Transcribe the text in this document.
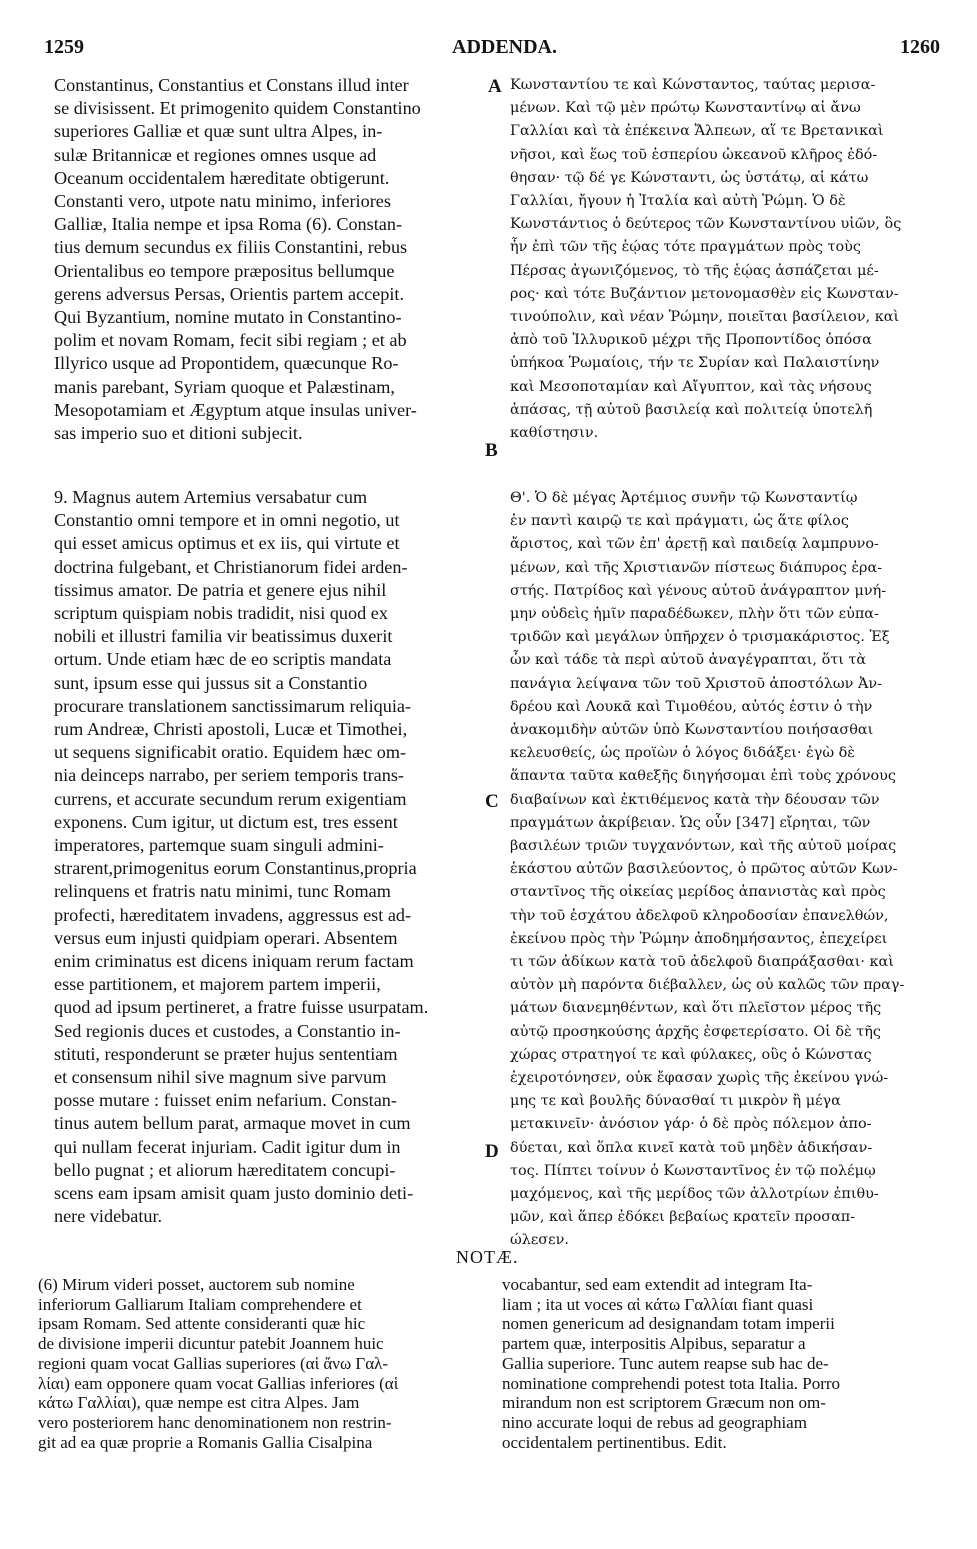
1259	ADDENDA.	1260
A
B
C
D
Constantinus, Constantius et Constans illud inter
se divisissent. Et primogenito quidem Constantino
superiores Galliæ et quæ sunt ultra Alpes, in-
sulæ Britannicæ et regiones omnes usque ad
Oceanum occidentalem hæreditate obtigerunt.
Constanti vero, utpote natu minimo, inferiores
Galliæ, Italia nempe et ipsa Roma (6). Constan-
tius demum secundus ex filiis Constantini, rebus
Orientalibus eo tempore præpositus bellumque
gerens adversus Persas, Orientis partem accepit.
Qui Byzantium, nomine mutato in Constantino-
polim et novam Romam, fecit sibi regiam ; et ab
Illyrico usque ad Propontidem, quæcunque Ro-
manis parebant, Syriam quoque et Palæstinam,
Mesopotamiam et Ægyptum atque insulas univer-
sas imperio suo et ditioni subjecit.
9. Magnus autem Artemius versabatur cum
Constantio omni tempore et in omni negotio, ut
qui esset amicus optimus et ex iis, qui virtute et
doctrina fulgebant, et Christianorum fidei arden-
tissimus amator. De patria et genere ejus nihil
scriptum quispiam nobis tradidit, nisi quod ex
nobili et illustri familia vir beatissimus duxerit
ortum. Unde etiam hæc de eo scriptis mandata
sunt, ipsum esse qui jussus sit a Constantio
procurare translationem sanctissimarum reliquia-
rum Andreæ, Christi apostoli, Lucæ et Timothei,
ut sequens significabit oratio. Equidem hæc om-
nia deinceps narrabo, per seriem temporis trans-
currens, et accurate secundum rerum exigentiam
exponens. Cum igitur, ut dictum est, tres essent
imperatores, partemque suam singuli admini-
strarent,primogenitus eorum Constantinus,propria
relinquens et fratris natu minimi, tunc Romam
profecti, hæreditatem invadens, aggressus est ad-
versus eum injusti quidpiam operari. Absentem
enim criminatus est dicens iniquam rerum factam
esse partitionem, et majorem partem imperii,
quod ad ipsum pertineret, a fratre fuisse usurpatam.
Sed regionis duces et custodes, a Constantio in-
stituti, responderunt se præter hujus sententiam
et consensum nihil sive magnum sive parvum
posse mutare : fuisset enim nefarium. Constan-
tinus autem bellum parat, armaque movet in cum
qui nullam fecerat injuriam. Cadit igitur dum in
bello pugnat ; et aliorum hæreditatem concupi-
scens eam ipsam amisit quam justo dominio deti-
nere videbatur.
Κωνσταντίου τε καὶ Κώνσταντος, ταύτας μερισα-
μένων. Καὶ τῷ μὲν πρώτῳ Κωνσταντίνῳ αἱ ἄνω
Γαλλίαι καὶ τὰ ἐπέκεινα Ἄλπεων, αἵ τε Βρετανικαὶ
νῆσοι, καὶ ἕως τοῦ ἑσπερίου ὠκεανοῦ κλῆρος ἐδό-
θησαν· τῷ δέ γε Κώνσταντι, ὡς ὑστάτῳ, αἱ κάτω
Γαλλίαι, ἤγουν ἡ Ἰταλία καὶ αὐτὴ Ῥώμη. Ὁ δὲ
Κωνστάντιος ὁ δεύτερος τῶν Κωνσταντίνου υἱῶν, ὃς
ἦν ἐπὶ τῶν τῆς ἑῴας τότε πραγμάτων πρὸς τοὺς
Πέρσας ἀγωνιζόμενος, τὸ τῆς ἑῴας ἀσπάζεται μέ-
ρος· καὶ τότε Βυζάντιον μετονομασθὲν εἰς Κωνσταν-
τινούπολιν, καὶ νέαν Ῥώμην, ποιεῖται βασίλειον, καὶ
ἀπὸ τοῦ Ἰλλυρικοῦ μέχρι τῆς Προποντίδος ὁπόσα
ὑπήκοα Ῥωμαίοις, τήν τε Συρίαν καὶ Παλαιστίνην
καὶ Μεσοποταμίαν καὶ Αἴγυπτον, καὶ τὰς νήσους
ἁπάσας, τῇ αὐτοῦ βασιλείᾳ καὶ πολιτείᾳ ὑποτελῆ
καθίστησιν.
Θ'. Ὁ δὲ μέγας Ἀρτέμιος συνῆν τῷ Κωνσταντίῳ
ἐν παντὶ καιρῷ τε καὶ πράγματι, ὡς ἅτε φίλος
ἄριστος, καὶ τῶν ἐπ' ἀρετῇ καὶ παιδείᾳ λαμπρυνο-
μένων, καὶ τῆς Χριστιανῶν πίστεως διάπυρος ἐρα-
στής. Πατρίδος καὶ γένους αὐτοῦ ἀνάγραπτον μνή-
μην οὐδεὶς ἡμῖν παραδέδωκεν, πλὴν ὅτι τῶν εὐπα-
τριδῶν καὶ μεγάλων ὑπῆρχεν ὁ τρισμακάριστος. Ἐξ
ὧν καὶ τάδε τὰ περὶ αὐτοῦ ἀναγέγραπται, ὅτι τὰ
πανάγια λείψανα τῶν τοῦ Χριστοῦ ἀποστόλων Ἀν-
δρέου καὶ Λουκᾶ καὶ Τιμοθέου, αὐτός ἐστιν ὁ τὴν
ἀνακομιδὴν αὐτῶν ὑπὸ Κωνσταντίου ποιήσασθαι
κελευσθείς, ὡς προϊὼν ὁ λόγος διδάξει· ἐγὼ δὲ
ἅπαντα ταῦτα καθεξῆς διηγήσομαι ἐπὶ τοὺς χρόνους
διαβαίνων καὶ ἐκτιθέμενος κατὰ τὴν δέουσαν τῶν
πραγμάτων ἀκρίβειαν. Ὡς οὖν [347] εἴρηται, τῶν
βασιλέων τριῶν τυγχανόντων, καὶ τῆς αὐτοῦ μοίρας
ἑκάστου αὐτῶν βασιλεύοντος, ὁ πρῶτος αὐτῶν Κων-
σταντῖνος τῆς οἰκείας μερίδος ἀπανιστὰς καὶ πρὸς
τὴν τοῦ ἐσχάτου ἀδελφοῦ κληροδοσίαν ἐπανελθών,
ἐκείνου πρὸς τὴν Ῥώμην ἀποδημήσαντος, ἐπεχείρει
τι τῶν ἀδίκων κατὰ τοῦ ἀδελφοῦ διαπράξασθαι· καὶ
αὐτὸν μὴ παρόντα διέβαλλεν, ὡς οὐ καλῶς τῶν πραγ-
μάτων διανεμηθέντων, καὶ ὅτι πλεῖστον μέρος τῆς
αὐτῷ προσηκούσης ἀρχῆς ἐσφετερίσατο. Οἱ δὲ τῆς
χώρας στρατηγοί τε καὶ φύλακες, οὓς ὁ Κώνστας
ἐχειροτόνησεν, οὐκ ἔφασαν χωρὶς τῆς ἐκείνου γνώ-
μης τε καὶ βουλῆς δύνασθαί τι μικρὸν ἢ μέγα
μετακινεῖν· ἀνόσιον γάρ· ὁ δὲ πρὸς πόλεμον ἀπο-
δύεται, καὶ ὅπλα κινεῖ κατὰ τοῦ μηδὲν ἀδικήσαν-
τος. Πίπτει τοίνυν ὁ Κωνσταντῖνος ἐν τῷ πολέμῳ
μαχόμενος, καὶ τῆς μερίδος τῶν ἀλλοτρίων ἐπιθυ-
μῶν, καὶ ἅπερ ἐδόκει βεβαίως κρατεῖν προσαπ-
ώλεσεν.
NOTÆ.
(6) Mirum videri posset, auctorem sub nomine
inferiorum Galliarum Italiam comprehendere et
ipsam Romam. Sed attente consideranti quæ hic
de divisione imperii dicuntur patebit Joannem huic
regioni quam vocat Gallias superiores (αἱ ἄνω Γαλ-
λίαι) eam opponere quam vocat Gallias inferiores (αἱ
κάτω Γαλλίαι), quæ nempe est citra Alpes. Jam
vero posteriorem hanc denominationem non restrin-
git ad ea quæ proprie a Romanis Gallia Cisalpina
vocabantur, sed eam extendit ad integram Ita-
liam ; ita ut voces αἱ κάτω Γαλλίαι fiant quasi
nomen genericum ad designandam totam imperii
partem quæ, interpositis Alpibus, separatur a
Gallia superiore. Tunc autem reapse sub hac de-
nominatione comprehendi potest tota Italia. Porro
mirandum non est scriptorem Græcum non om-
nino accurate loqui de rebus ad geographiam
occidentalem pertinentibus. Edit.
